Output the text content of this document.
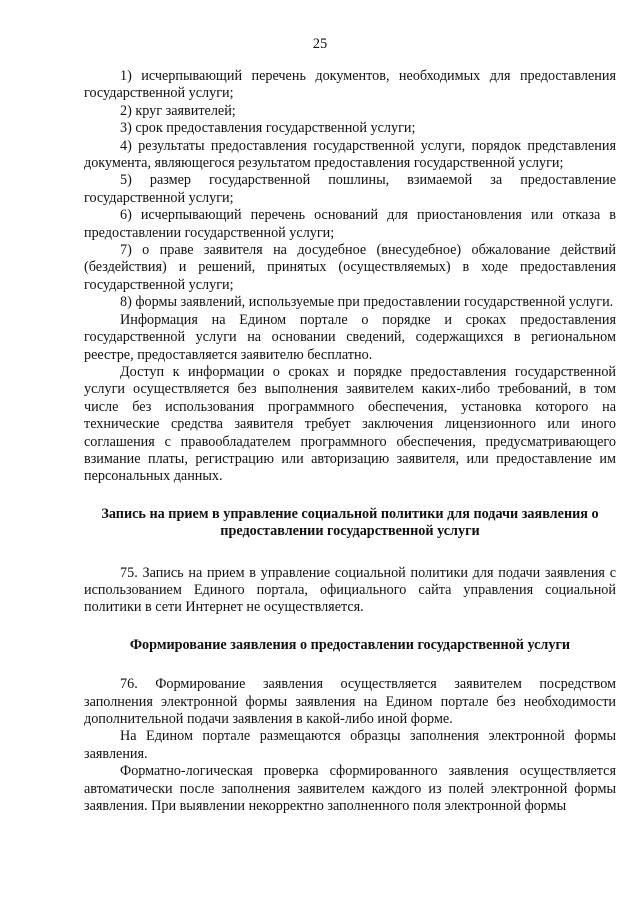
25

1) исчерпывающий перечень документов, необходимых для предоставления государственной услуги;

2) круг заявителей;

3) срок предоставления государственной услуги;

4) результаты предоставления государственной услуги, порядок представления документа, являющегося результатом предоставления государственной услуги;

5) размер государственной пошлины, взимаемой за предоставление государственной услуги;

6) исчерпывающий перечень оснований для приостановления или отказа в предоставлении государственной услуги;

7) о праве заявителя на досудебное (внесудебное) обжалование действий (бездействия) и решений, принятых (осуществляемых) в ходе предоставления государственной услуги;

8) формы заявлений, используемые при предоставлении государственной услуги.

Информация на Едином портале о порядке и сроках предоставления государственной услуги на основании сведений, содержащихся в региональном реестре, предоставляется заявителю бесплатно.

Доступ к информации о сроках и порядке предоставления государственной услуги осуществляется без выполнения заявителем каких-либо требований, в том числе без использования программного обеспечения, установка которого на технические средства заявителя требует заключения лицензионного или иного соглашения с правообладателем программного обеспечения, предусматривающего взимание платы, регистрацию или авторизацию заявителя, или предоставление им персональных данных.

Запись на прием в управление социальной политики для подачи заявления о предоставлении государственной услуги

75. Запись на прием в управление социальной политики для подачи заявления с использованием Единого портала, официального сайта управления социальной политики в сети Интернет не осуществляется.

Формирование заявления о предоставлении государственной услуги

76. Формирование заявления осуществляется заявителем посредством заполнения электронной формы заявления на Едином портале без необходимости дополнительной подачи заявления в какой-либо иной форме.

На Едином портале размещаются образцы заполнения электронной формы заявления.

Форматно-логическая проверка сформированного заявления осуществляется автоматически после заполнения заявителем каждого из полей электронной формы заявления. При выявлении некорректно заполненного поля электронной формы
